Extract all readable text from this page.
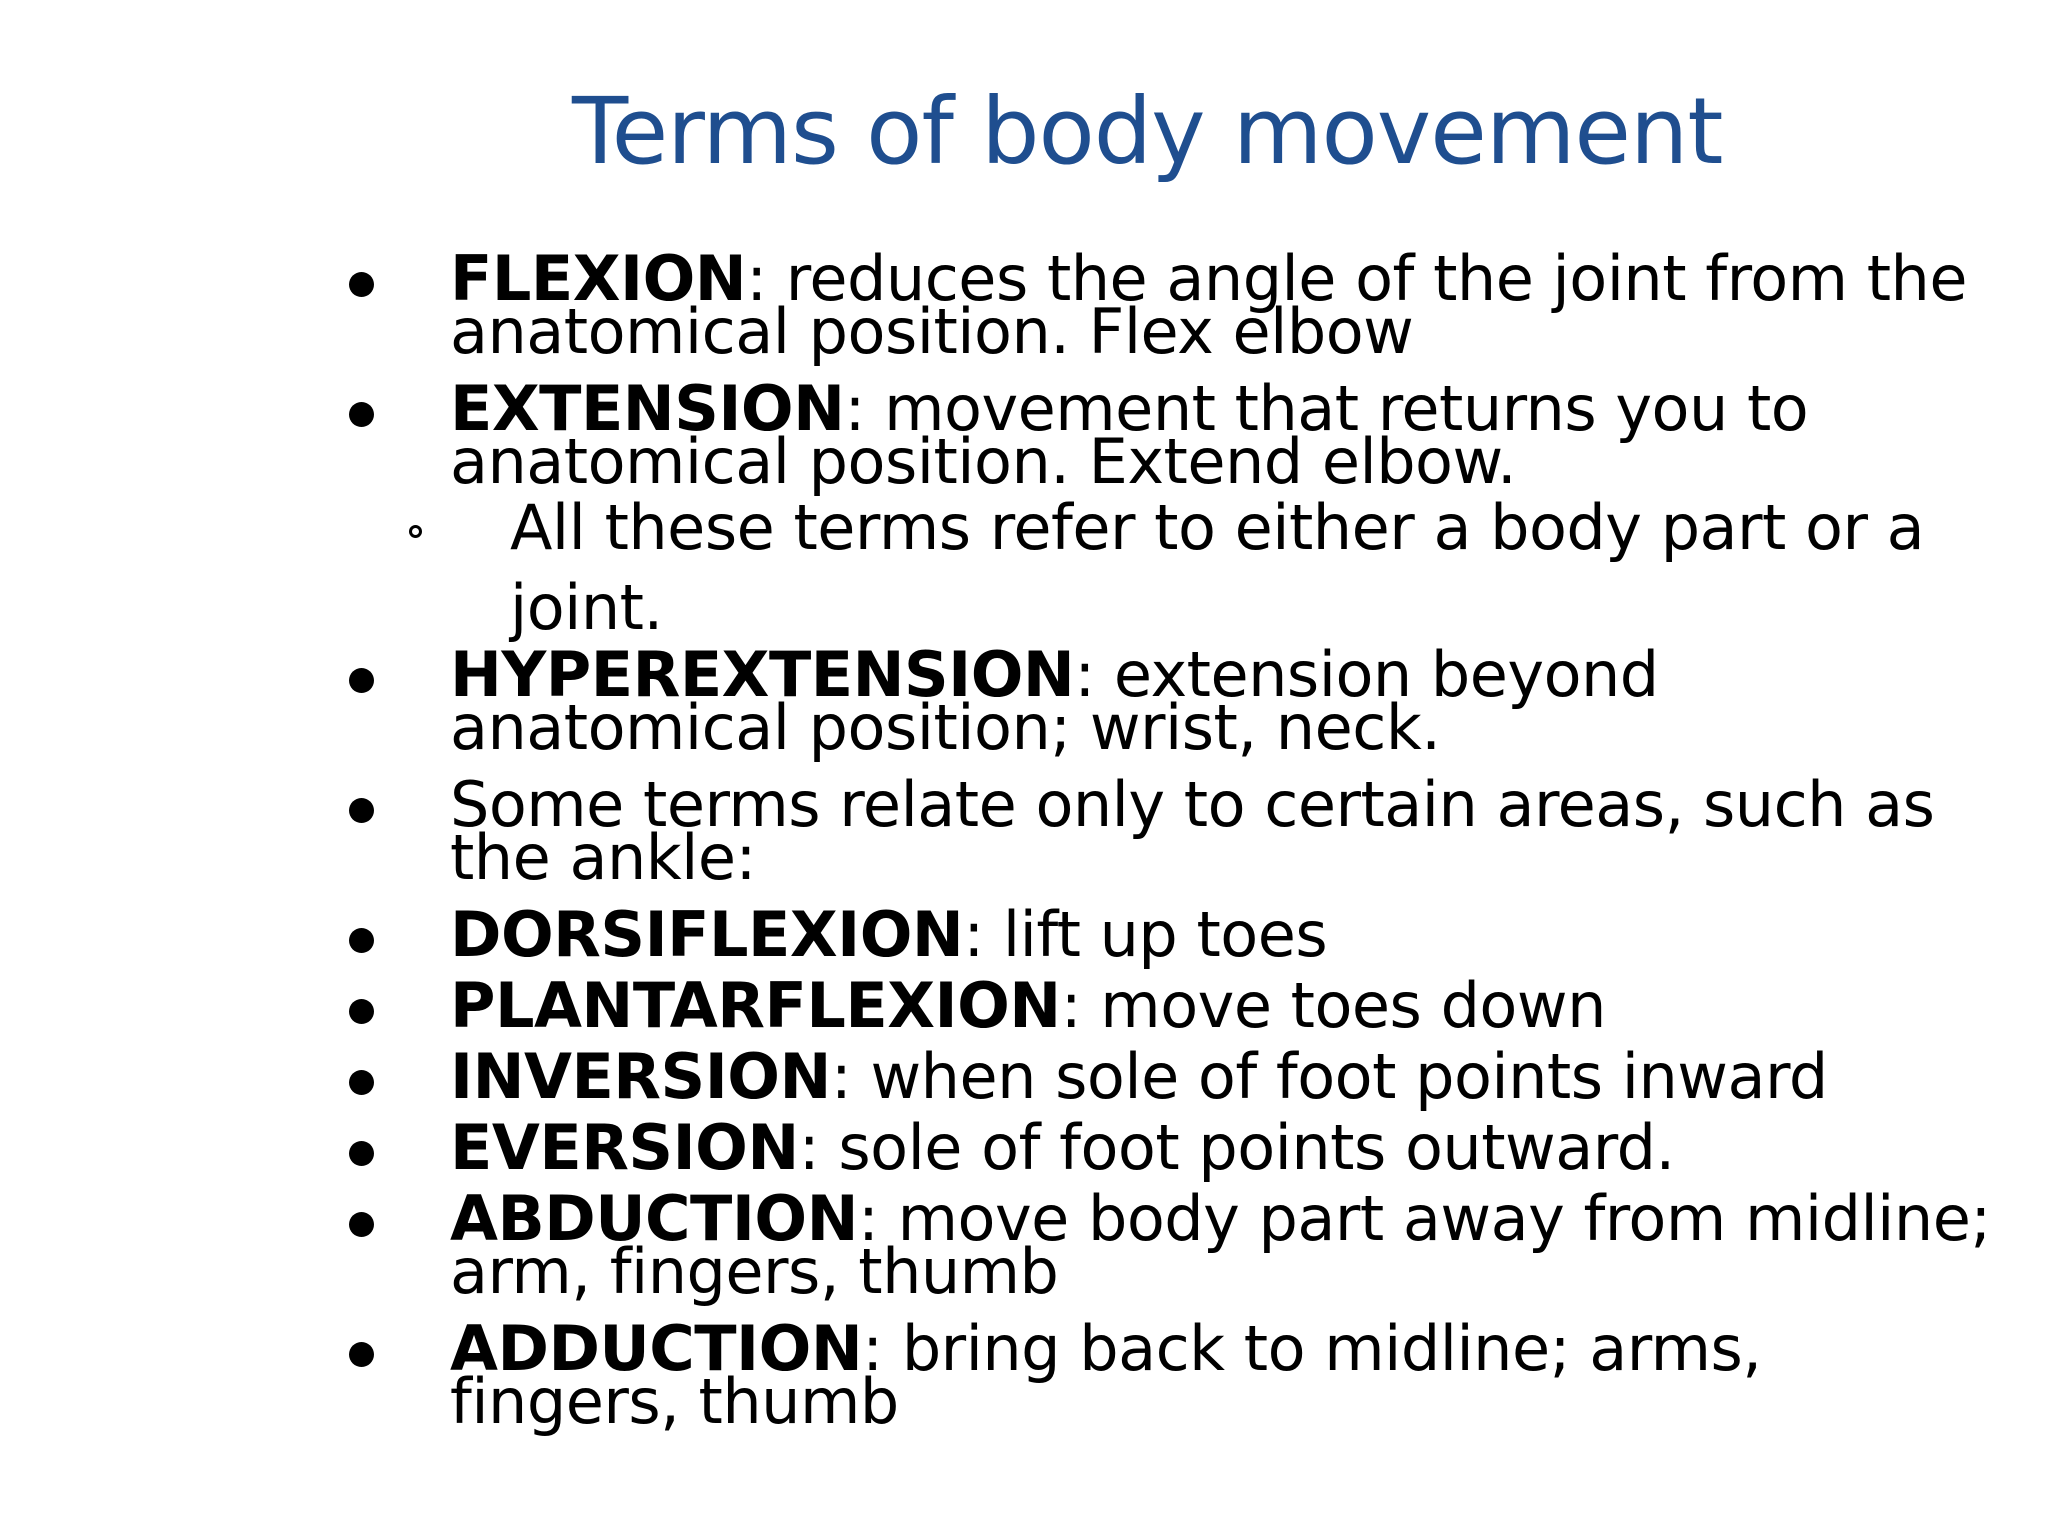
Terms of body movement
FLEXION: reduces the angle of the joint from the anatomical position. Flex elbow
EXTENSION: movement that returns you to anatomical position. Extend elbow.
All these terms refer to either a body part or a joint.
HYPEREXTENSION: extension beyond anatomical position; wrist, neck.
Some terms relate only to certain areas, such as the ankle:
DORSIFLEXION: lift up toes
PLANTARFLEXION: move toes down
INVERSION: when sole of foot points inward
EVERSION: sole of foot points outward.
ABDUCTION: move body part away from midline; arm, fingers, thumb
ADDUCTION: bring back to midline; arms, fingers, thumb
